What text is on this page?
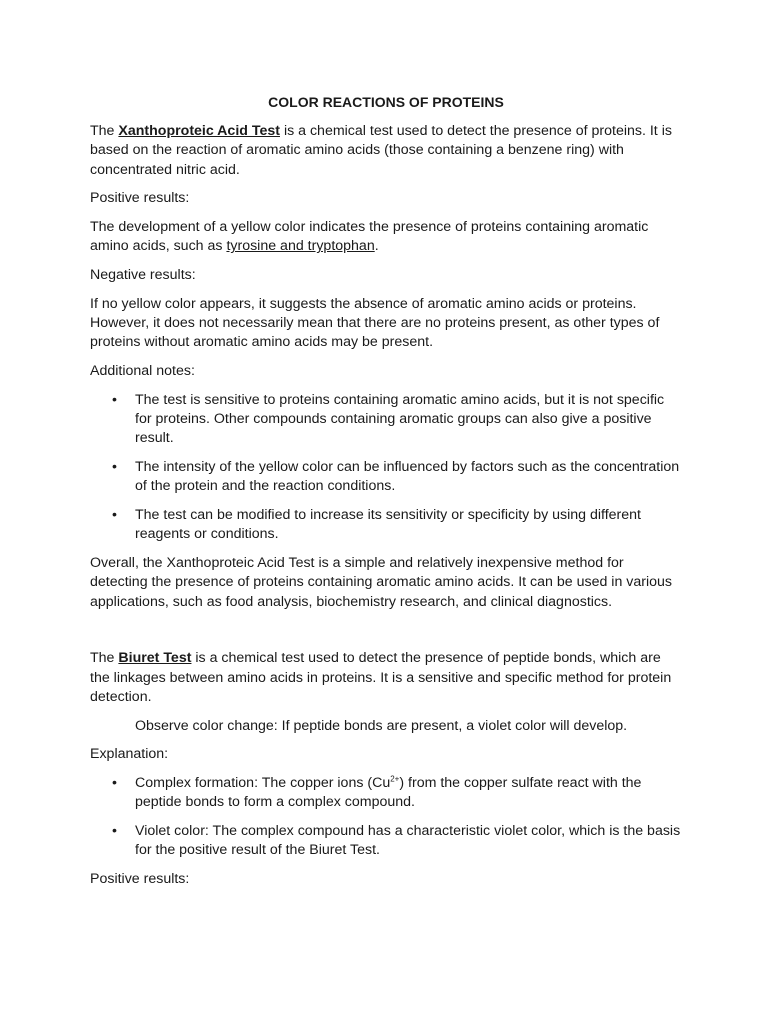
COLOR REACTIONS OF PROTEINS

The Xanthoproteic Acid Test is a chemical test used to detect the presence of proteins. It is based on the reaction of aromatic amino acids (those containing a benzene ring) with concentrated nitric acid.

Positive results:

The development of a yellow color indicates the presence of proteins containing aromatic amino acids, such as tyrosine and tryptophan.

Negative results:

If no yellow color appears, it suggests the absence of aromatic amino acids or proteins. However, it does not necessarily mean that there are no proteins present, as other types of proteins without aromatic amino acids may be present.

Additional notes:

• The test is sensitive to proteins containing aromatic amino acids, but it is not specific for proteins. Other compounds containing aromatic groups can also give a positive result.
• The intensity of the yellow color can be influenced by factors such as the concentration of the protein and the reaction conditions.
• The test can be modified to increase its sensitivity or specificity by using different reagents or conditions.

Overall, the Xanthoproteic Acid Test is a simple and relatively inexpensive method for detecting the presence of proteins containing aromatic amino acids. It can be used in various applications, such as food analysis, biochemistry research, and clinical diagnostics.

The Biuret Test is a chemical test used to detect the presence of peptide bonds, which are the linkages between amino acids in proteins. It is a sensitive and specific method for protein detection.

Observe color change: If peptide bonds are present, a violet color will develop.

Explanation:

• Complex formation: The copper ions $(Cu^{2+})$ from the copper sulfate react with the peptide bonds to form a complex compound.
• Violet color: The complex compound has a characteristic violet color, which is the basis for the positive result of the Biuret Test.

Positive results:
